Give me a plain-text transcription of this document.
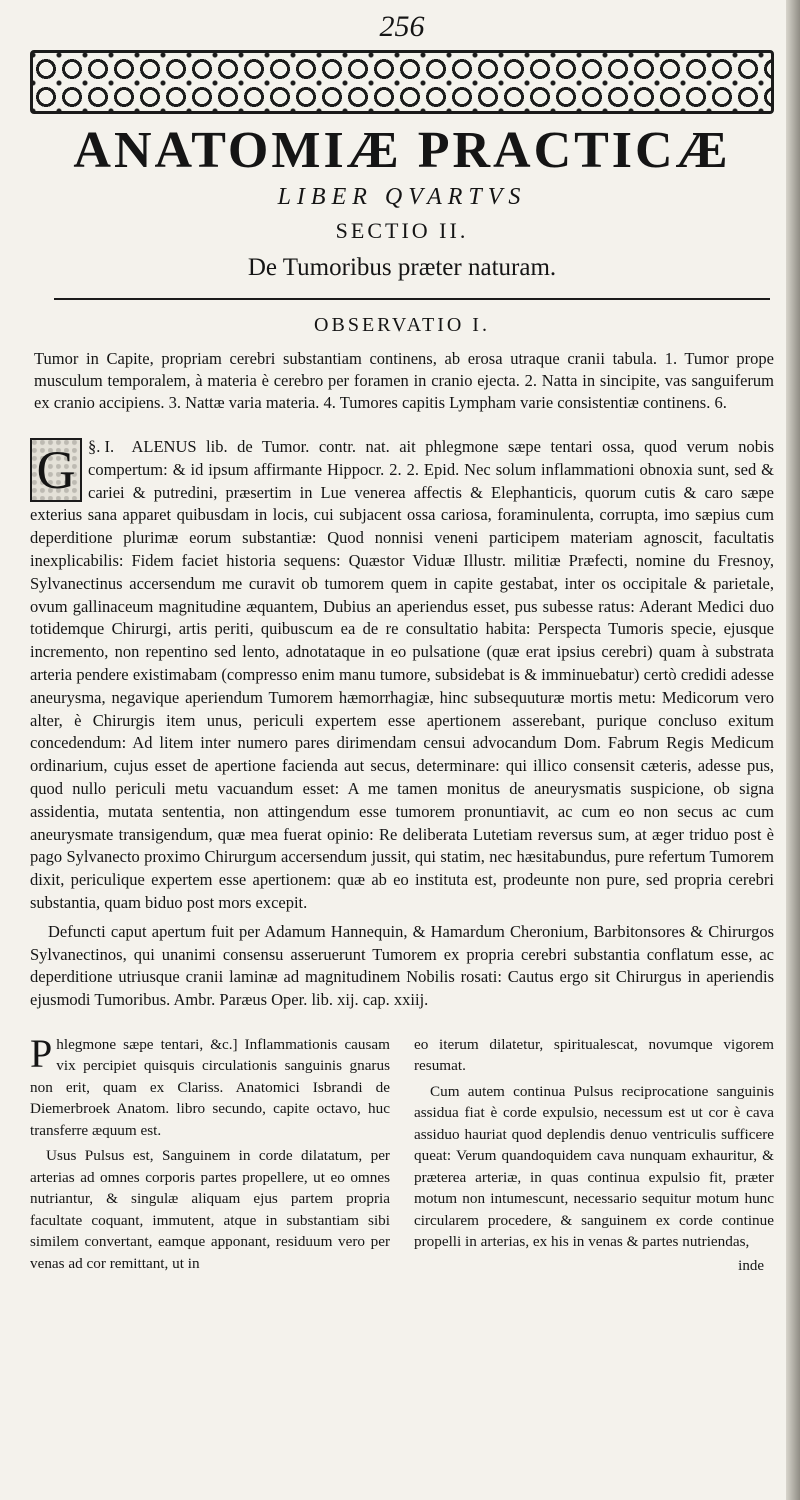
256
ANATOMIÆ PRACTICÆ
LIBER QVARTVS
SECTIO II.
De Tumoribus præter naturam.
OBSERVATIO I.

Tumor in Capite, propriam cerebri substantiam continens, ab erosa utraque cranii tabula. 1. Tumor prope musculum temporalem, à materia è cerebro per foramen in cranio ejecta. 2. Natta in sincipite, vas sanguiferum ex cranio accipiens. 3. Nattæ varia materia. 4. Tumores capitis Lympham varie consistentiæ continens. 6.

§. I.
G	ALENUS lib. de Tumor. contr. nat. ait phlegmone sæpe tentari ossa, quod verum nobis compertum: & id ipsum affirmante Hippocr. 2. 2. Epid. Nec solum inflammationi obnoxia sunt, sed & cariei & putredini, præsertim in Lue venerea affectis & Elephanticis, quorum cutis & caro sæpe exterius sana apparet quibusdam in locis, cui subjacent ossa cariosa, foraminulenta, corrupta, imo sæpius cum deperditione plurimæ eorum substantiæ: Quod nonnisi veneni participem materiam agnoscit, facultatis inexplicabilis: Fidem faciet historia sequens: Quæstor Viduæ Illustr. militiæ Præfecti, nomine du Fresnoy, Sylvanectinus accersendum me curavit ob tumorem quem in capite gestabat, inter os occipitale & parietale, ovum gallinaceum magnitudine æquantem, Dubius an aperiendus esset, pus subesse ratus: Aderant Medici duo totidemque Chirurgi, artis periti, quibuscum ea de re consultatio habita: Perspecta Tumoris specie, ejusque incremento, non repentino sed lento, adnotataque in eo pulsatione (quæ erat ipsius cerebri) quam à substrata arteria pendere existimabam (compresso enim manu tumore, subsidebat is & imminuebatur) certò credidi adesse aneurysma, negavique aperiendum Tumorem hæmorrhagiæ, hinc subsequuturæ mortis metu: Medicorum vero alter, è Chirurgis item unus, periculi expertem esse apertionem asserebant, purique concluso exitum concedendum: Ad litem inter numero pares dirimendam censui advocandum Dom. Fabrum Regis Medicum ordinarium, cujus esset de apertione facienda aut secus, determinare: qui illico consensit cæteris, adesse pus, quod nullo periculi metu vacuandum esset: A me tamen monitus de aneurysmatis suspicione, ob signa assidentia, mutata sententia, non attingendum esse tumorem pronuntiavit, ac cum eo non secus ac cum aneurysmate transigendum, quæ mea fuerat opinio: Re deliberata Lutetiam reversus sum, at æger triduo post è pago Sylvanecto proximo Chirurgum accersendum jussit, qui statim, nec hæsitabundus, pure refertum Tumorem dixit, periculique expertem esse apertionem: quæ ab eo instituta est, prodeunte non pure, sed propria cerebri substantia, quam biduo post mors excepit.

Defuncti caput apertum fuit per Adamum Hannequin, & Hamardum Cheronium, Barbitonsores & Chirurgos Sylvanectinos, qui unanimi consensu asseruerunt Tumorem ex propria cerebri substantia conflatum esse, ac deperditione utriusque cranii laminæ ad magnitudinem Nobilis rosati: Cautus ergo sit Chirurgus in aperiendis ejusmodi Tumoribus. Ambr. Paræus Oper. lib. xij. cap. xxiij.

Phlegmone sæpe tentari, &c.] Inflammationis causam vix percipiet quisquis circulationis sanguinis gnarus non erit, quam ex Clariss. Anatomici Isbrandi de Diemerbroek Anatom. libro secundo, capite octavo, huc transferre æquum est.

Usus Pulsus est, Sanguinem in corde dilatatum, per arterias ad omnes corporis partes propellere, ut eo omnes nutriantur, & singulæ aliquam ejus partem propria facultate coquant, immutent, atque in substantiam sibi similem convertant, eamque apponant, residuum vero per venas ad cor remittant, ut in

eo iterum dilatetur, spiritualescat, novumque vigorem resumat.

Cum autem continua Pulsus reciprocatione sanguinis assidua fiat è corde expulsio, necessum est ut cor è cava assiduo hauriat quod deplendis denuo ventriculis sufficere queat: Verum quandoquidem cava nunquam exhauritur, & præterea arteriæ, in quas continua expulsio fit, præter motum non intumescunt, necessario sequitur motum hunc circularem procedere, & sanguinem ex corde continue propelli in arterias, ex his in venas & partes nutriendas,

inde
